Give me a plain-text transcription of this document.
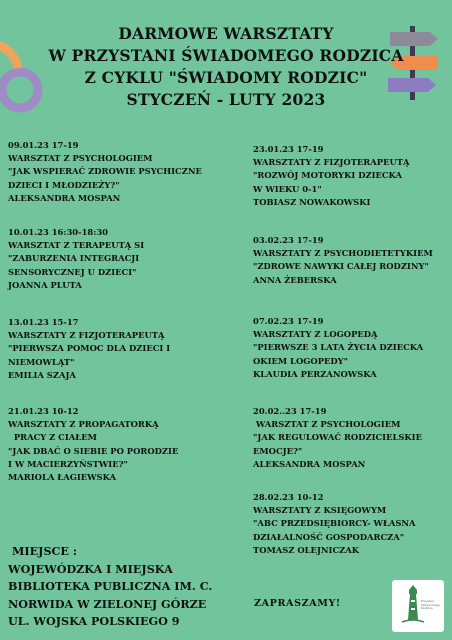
DARMOWE WARSZTATY
W PRZYSTANI ŚWIADOMEGO RODZICA
Z CYKLU "ŚWIADOMY RODZIC"
STYCZEŃ - LUTY 2023
09.01.23 17-19
WARSZTAT Z PSYCHOLOGIEM
"JAK WSPIERAĆ ZDROWIE PSYCHICZNE
DZIECI I MŁODZIEŻY?"
ALEKSANDRA MOSPAN
10.01.23 16:30-18:30
WARSZTAT Z TERAPEUTĄ SI
"ZABURZENIA INTEGRACJI
SENSORYCZNEJ U DZIECI"
JOANNA PLUTA
13.01.23 15-17
WARSZTATY Z FIZJOTERAPEUTĄ
"PIERWSZA POMOC DLA DZIECI I
NIEMOWLĄT"
EMILIA SZAJA
21.01.23 10-12
WARSZTATY Z PROPAGATORKĄ
PRACY Z CIAŁEM
"JAK DBAĆ O SIEBIE PO PORODZIE
I W MACIERZYŃSTWIE?"
MARIOLA ŁAGIEWSKA
23.01.23 17-19
WARSZTATY Z FIZJOTERAPEUTĄ
"ROZWÓJ MOTORYKI DZIECKA
W WIEKU 0-1"
TOBIASZ NOWAKOWSKI
03.02.23 17-19
WARSZTATY Z PSYCHODIETETYKIEM
"ZDROWE NAWYKI CAŁEJ RODZINY"
ANNA ŻEBERSKA
07.02.23 17-19
WARSZTATY Z LOGOPEDĄ
"PIERWSZE 3 LATA ŻYCIA DZIECKA
OKIEM LOGOPEDY"
KLAUDIA PERZANOWSKA
20.02..23 17-19
WARSZTAT Z PSYCHOLOGIEM
"JAK REGULOWAĆ RODZICIELSKIE
EMOCJE?"
ALEKSANDRA MOSPAN
28.02.23 10-12
WARSZTATY Z KSIĘGOWYM
"ABC PRZEDSIĘBIORCY- WŁASNA
DZIAŁALNOŚĆ GOSPODARCZA"
TOMASZ OLEJNICZAK
MIEJSCE :
WOJEWÓDZKA I MIEJSKA
BIBLIOTEKA PUBLICZNA IM. C.
NORWIDA W ZIELONEJ GÓRZE
UL. WOJSKA POLSKIEGO 9
ZAPRASZAMY!	Przystań
Świadomego
Rodzica
